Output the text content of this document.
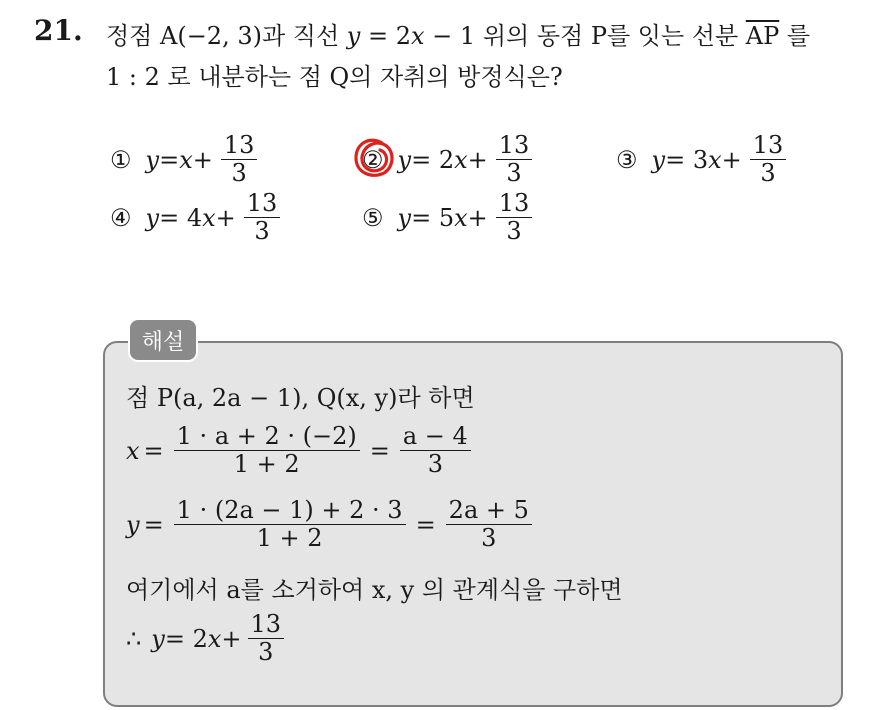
21. 정점 A(−2, 3)과 직선 y = 2x − 1 위의 동점 P를 잇는 선분 $\overline{AP}$ 를
1 : 2 로 내분하는 점 Q의 자취의 방정식은?
① $y = x + \frac{13}{3}$	② y = 2 $x + \frac{13}{3}$	③ y = 3 $x + \frac{13}{3}$
④ y = 4 $x + \frac{13}{3}$	⑤ y = 5 $x + \frac{13}{3}$
해설
점 P(a, 2a − 1), Q(x, y)라 하면
$x = \frac{1 \cdot a + 2 \cdot (-2)}{1 + 2} = \frac{a - 4}{3}$
$y = \frac{1 \cdot (2a - 1) + 2 \cdot 3}{1 + 2} = \frac{2a + 5}{3}$
여기에서 a를 소거하여 x, y 의 관계식을 구하면
∴ y = 2 $x + \frac{13}{3}$
